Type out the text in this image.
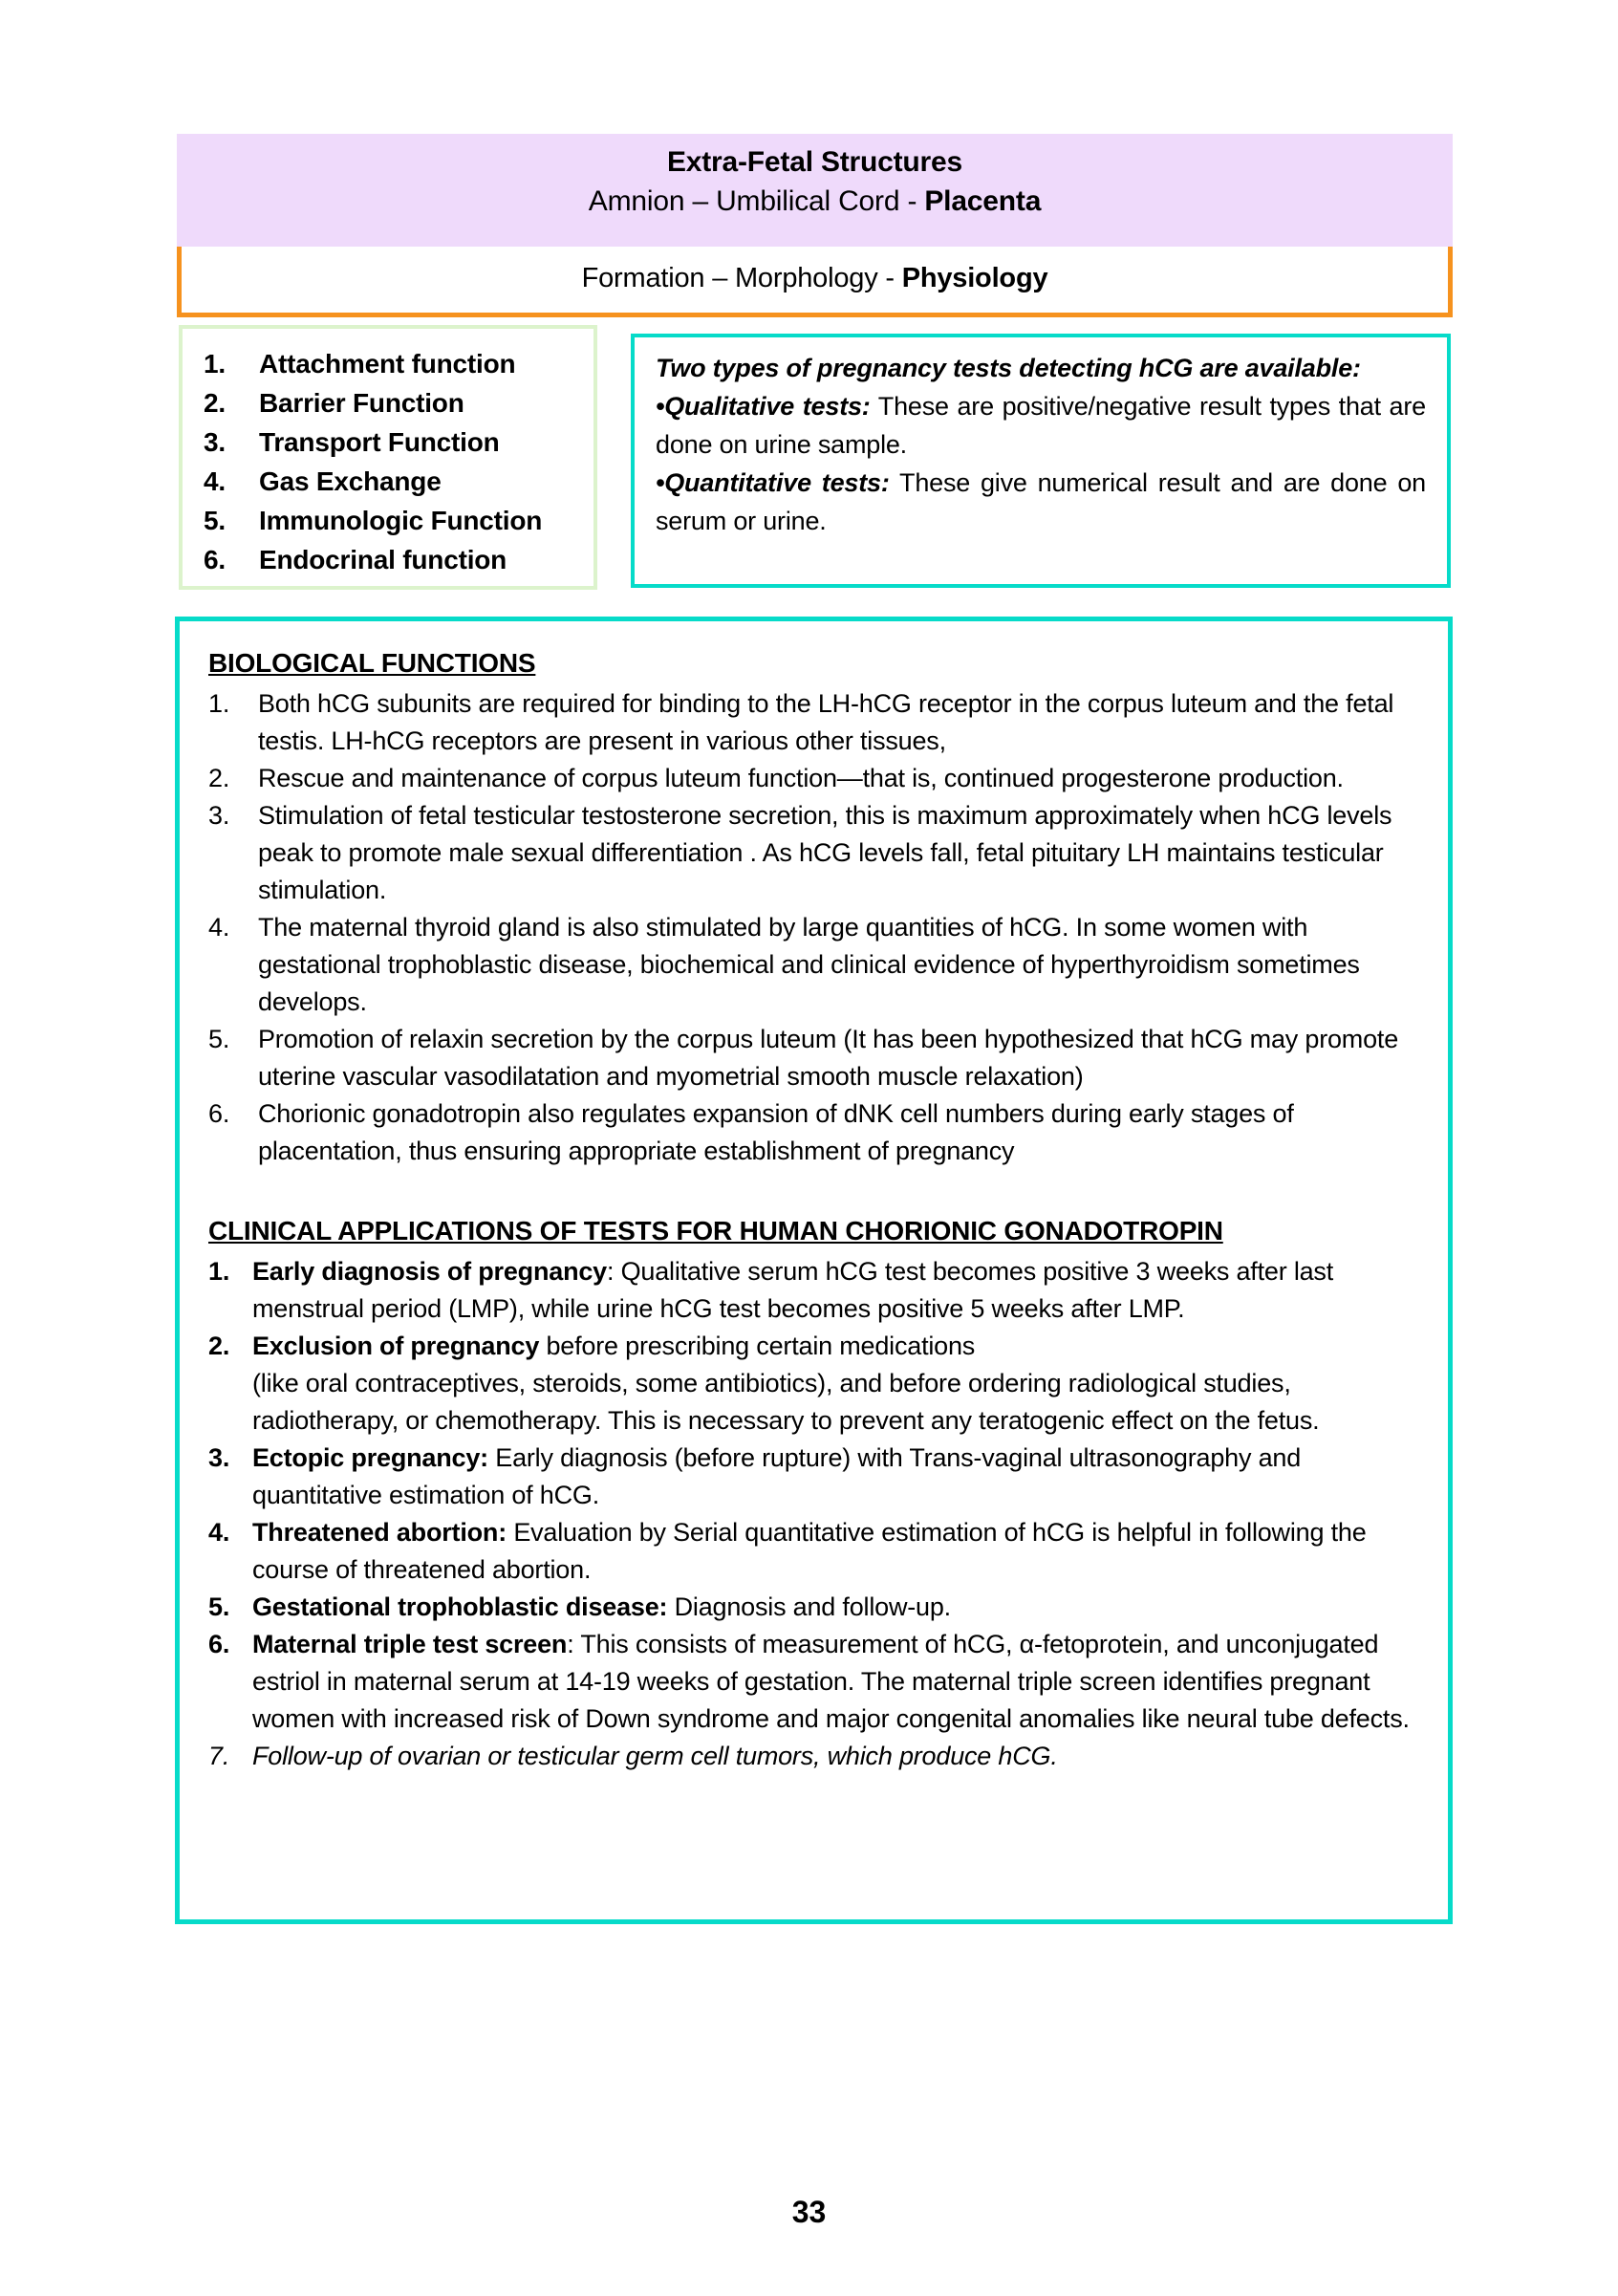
Extra-Fetal Structures
Amnion – Umbilical Cord - Placenta
Formation – Morphology - Physiology
1.	Attachment function
2.	Barrier Function
3.	Transport Function
4.	Gas Exchange
5.	Immunologic Function
6.	Endocrinal function
Two types of pregnancy tests detecting hCG are available:
•Qualitative tests: These are positive/negative result types that are done on urine sample.
•Quantitative tests: These give numerical result and are done on serum or urine.
BIOLOGICAL FUNCTIONS
1.	Both hCG subunits are required for binding to the LH-hCG receptor in the corpus luteum and the fetal testis. LH-hCG receptors are present in various other tissues,
2.	Rescue and maintenance of corpus luteum function—that is, continued progesterone production.
3.	Stimulation of fetal testicular testosterone secretion, this is maximum approximately when hCG levels peak to promote male sexual differentiation . As hCG levels fall, fetal pituitary LH maintains testicular stimulation.
4.	The maternal thyroid gland is also stimulated by large quantities of hCG. In some women with gestational trophoblastic disease, biochemical and clinical evidence of hyperthyroidism sometimes develops.
5.	Promotion of relaxin secretion by the corpus luteum (It has been hypothesized that hCG may promote uterine vascular vasodilatation and myometrial smooth muscle relaxation)
6.	Chorionic gonadotropin also regulates expansion of dNK cell numbers during early stages of placentation, thus ensuring appropriate establishment of pregnancy
CLINICAL APPLICATIONS OF TESTS FOR HUMAN CHORIONIC GONADOTROPIN
1. Early diagnosis of pregnancy: Qualitative serum hCG test becomes positive 3 weeks after last menstrual period (LMP), while urine hCG test becomes positive 5 weeks after LMP.
2. Exclusion of pregnancy before prescribing certain medications
(like oral contraceptives, steroids, some antibiotics), and before ordering radiological studies, radiotherapy, or chemotherapy. This is necessary to prevent any teratogenic effect on the fetus.
3. Ectopic pregnancy: Early diagnosis (before rupture) with Trans-vaginal ultrasonography and quantitative estimation of hCG.
4. Threatened abortion: Evaluation by Serial quantitative estimation of hCG is helpful in following the course of threatened abortion.
5. Gestational trophoblastic disease: Diagnosis and follow-up.
6. Maternal triple test screen: This consists of measurement of hCG, α-fetoprotein, and unconjugated estriol in maternal serum at 14-19 weeks of gestation. The maternal triple screen identifies pregnant women with increased risk of Down syndrome and major congenital anomalies like neural tube defects.
7. Follow-up of ovarian or testicular germ cell tumors, which produce hCG.
33
